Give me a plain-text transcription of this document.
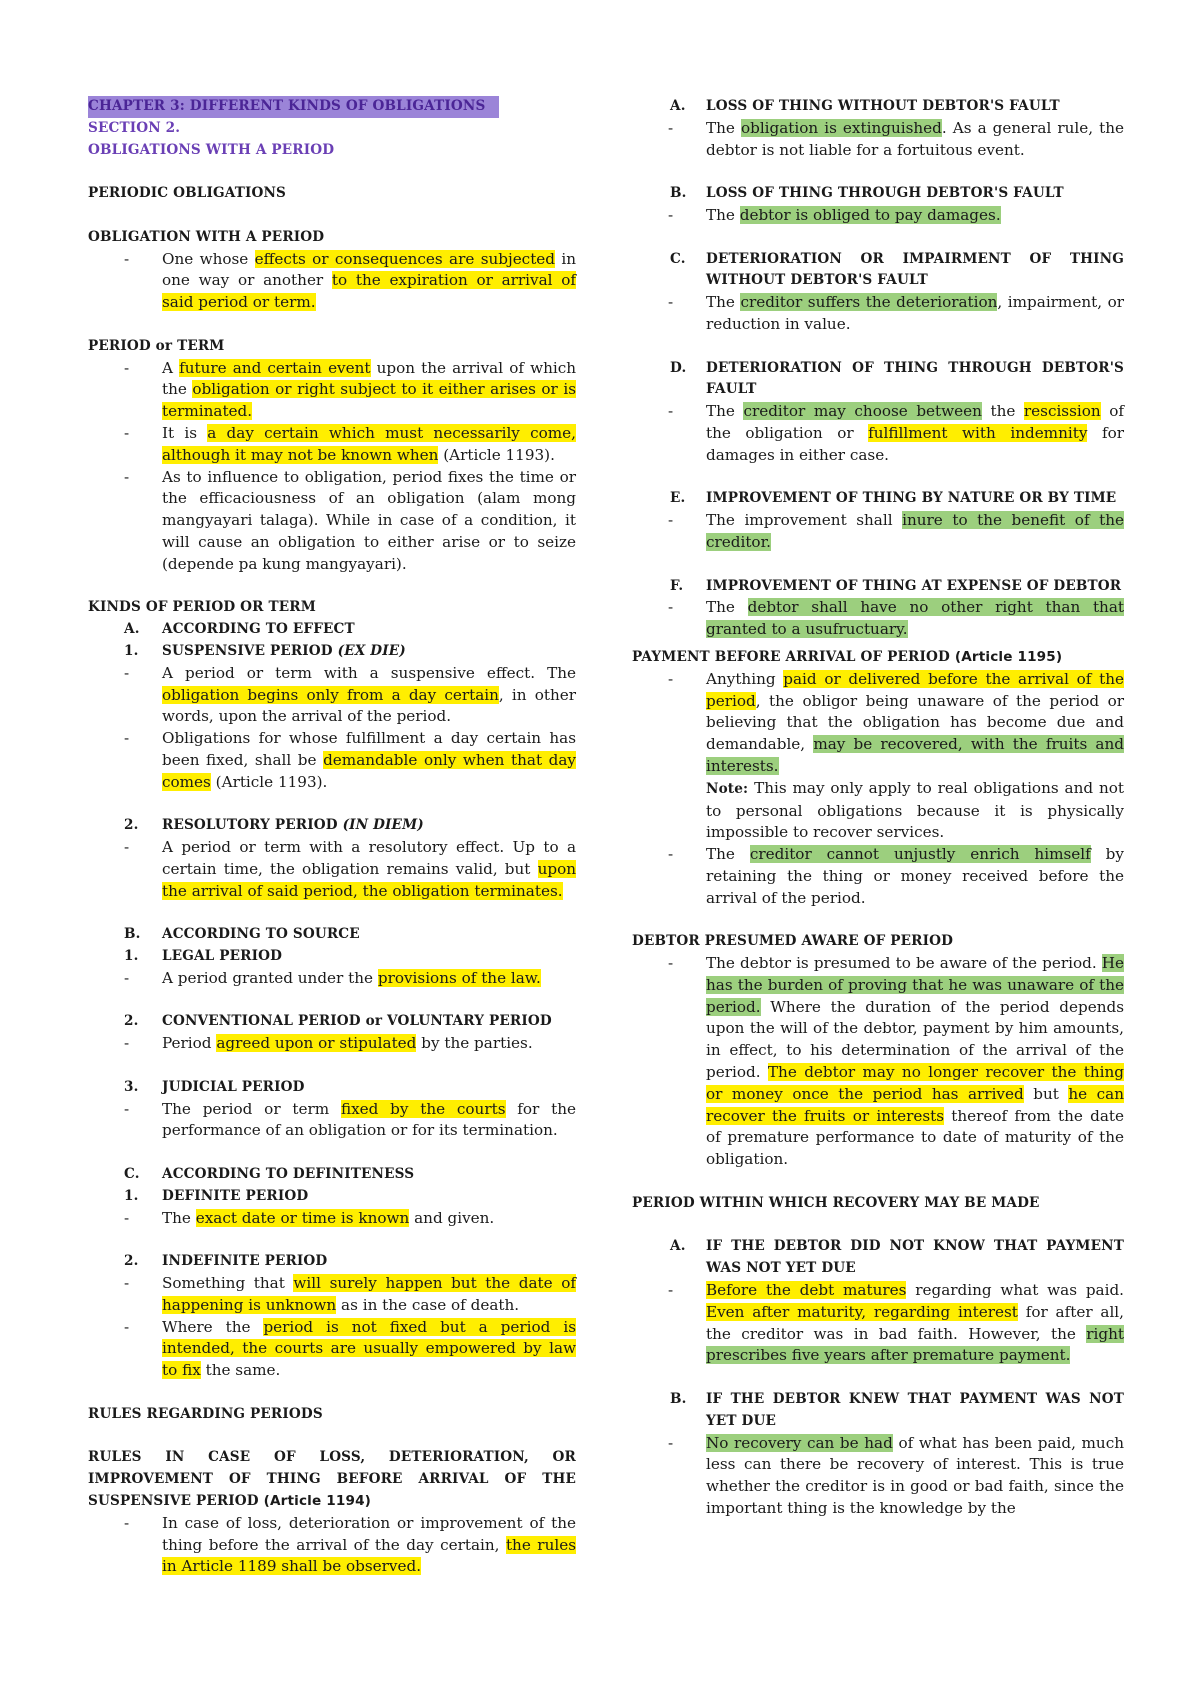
CHAPTER 3: DIFFERENT KINDS OF OBLIGATIONS
SECTION 2.
OBLIGATIONS WITH A PERIOD
PERIODIC OBLIGATIONS
OBLIGATION WITH A PERIOD
- One whose effects or consequences are subjected in one way or another to the expiration or arrival of said period or term.
PERIOD or TERM
- A future and certain event upon the arrival of which the obligation or right subject to it either arises or is terminated.
- It is a day certain which must necessarily come, although it may not be known when (Article 1193).
- As to influence to obligation, period fixes the time or the efficaciousness of an obligation (alam mong mangyayari talaga). While in case of a condition, it will cause an obligation to either arise or to seize (depende pa kung mangyayari).
KINDS OF PERIOD OR TERM
A. ACCORDING TO EFFECT
1. SUSPENSIVE PERIOD (EX DIE)
- A period or term with a suspensive effect. The obligation begins only from a day certain, in other words, upon the arrival of the period.
- Obligations for whose fulfillment a day certain has been fixed, shall be demandable only when that day comes (Article 1193).
2. RESOLUTORY PERIOD (IN DIEM)
- A period or term with a resolutory effect. Up to a certain time, the obligation remains valid, but upon the arrival of said period, the obligation terminates.
B. ACCORDING TO SOURCE
1. LEGAL PERIOD
- A period granted under the provisions of the law.
2. CONVENTIONAL PERIOD or VOLUNTARY PERIOD
- Period agreed upon or stipulated by the parties.
3. JUDICIAL PERIOD
- The period or term fixed by the courts for the performance of an obligation or for its termination.
C. ACCORDING TO DEFINITENESS
1. DEFINITE PERIOD
- The exact date or time is known and given.
2. INDEFINITE PERIOD
- Something that will surely happen but the date of happening is unknown as in the case of death.
- Where the period is not fixed but a period is intended, the courts are usually empowered by law to fix the same.
RULES REGARDING PERIODS
RULES IN CASE OF LOSS, DETERIORATION, OR IMPROVEMENT OF THING BEFORE ARRIVAL OF THE SUSPENSIVE PERIOD (Article 1194)
- In case of loss, deterioration or improvement of the thing before the arrival of the day certain, the rules in Article 1189 shall be observed.
A. LOSS OF THING WITHOUT DEBTOR'S FAULT
- The obligation is extinguished. As a general rule, the debtor is not liable for a fortuitous event.
B. LOSS OF THING THROUGH DEBTOR'S FAULT
- The debtor is obliged to pay damages.
C. DETERIORATION OR IMPAIRMENT OF THING WITHOUT DEBTOR'S FAULT
- The creditor suffers the deterioration, impairment, or reduction in value.
D. DETERIORATION OF THING THROUGH DEBTOR'S FAULT
- The creditor may choose between the rescission of the obligation or fulfillment with indemnity for damages in either case.
E. IMPROVEMENT OF THING BY NATURE OR BY TIME
- The improvement shall inure to the benefit of the creditor.
F. IMPROVEMENT OF THING AT EXPENSE OF DEBTOR
- The debtor shall have no other right than that granted to a usufructuary.
PAYMENT BEFORE ARRIVAL OF PERIOD (Article 1195)
- Anything paid or delivered before the arrival of the period, the obligor being unaware of the period or believing that the obligation has become due and demandable, may be recovered, with the fruits and interests.
Note: This may only apply to real obligations and not to personal obligations because it is physically impossible to recover services.
- The creditor cannot unjustly enrich himself by retaining the thing or money received before the arrival of the period.
DEBTOR PRESUMED AWARE OF PERIOD
- The debtor is presumed to be aware of the period. He has the burden of proving that he was unaware of the period. Where the duration of the period depends upon the will of the debtor, payment by him amounts, in effect, to his determination of the arrival of the period. The debtor may no longer recover the thing or money once the period has arrived but he can recover the fruits or interests thereof from the date of premature performance to date of maturity of the obligation.
PERIOD WITHIN WHICH RECOVERY MAY BE MADE
A. IF THE DEBTOR DID NOT KNOW THAT PAYMENT WAS NOT YET DUE
- Before the debt matures regarding what was paid. Even after maturity, regarding interest for after all, the creditor was in bad faith. However, the right prescribes five years after premature payment.
B. IF THE DEBTOR KNEW THAT PAYMENT WAS NOT YET DUE
- No recovery can be had of what has been paid, much less can there be recovery of interest. This is true whether the creditor is in good or bad faith, since the important thing is the knowledge by the
